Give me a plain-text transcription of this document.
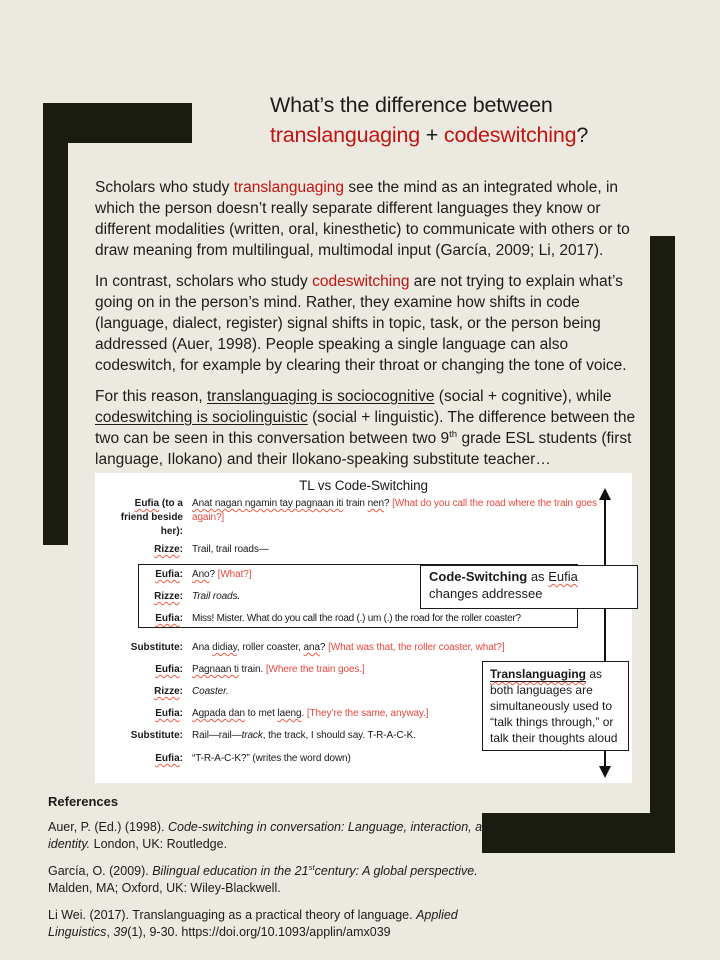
What’s the difference between
translanguaging + codeswitching?

Scholars who study translanguaging see the mind as an integrated whole, in which the person doesn’t really separate different languages they know or different modalities (written, oral, kinesthetic) to communicate with others or to draw meaning from multilingual, multimodal input (García, 2009; Li, 2017).

In contrast, scholars who study codeswitching are not trying to explain what’s going on in the person’s mind. Rather, they examine how shifts in code (language, dialect, register) signal shifts in topic, task, or the person being addressed (Auer, 1998). People speaking a single language can also codeswitch, for example by clearing their throat or changing the tone of voice.

For this reason, translanguaging is sociocognitive (social + cognitive), while codeswitching is sociolinguistic (social + linguistic). The difference between the two can be seen in this conversation between two 9th grade ESL students (first language, Ilokano) and their Ilokano-speaking substitute teacher…

TL vs Code-Switching
Eufia (to a
friend beside
her):
Anat nagan ngamin tay pagnaan iti train nen? [What do you call the road where the train goes again?]
Rizze: Trail, trail roads—
Eufia: Ano? [What?]
Rizze: Trail roads.
Eufia: Miss! Mister. What do you call the road (.) um (.) the road for the roller coaster?
Substitute: Ana didiay, roller coaster, ana? [What was that, the roller coaster, what?]
Eufia: Pagnaan ti train. [Where the train goes.]
Rizze: Coaster.
Eufia: Agpada dan to met laeng. [They’re the same, anyway.]
Substitute: Rail—rail—track, the track, I should say. T-R-A-C-K.
Eufia: “T-R-A-C-K?” (writes the word down)
Code-Switching as Eufia changes addressee
Translanguaging as both languages are simultaneously used to “talk things through,” or talk their thoughts aloud
References

Auer, P. (Ed.) (1998). Code-switching in conversation: Language, interaction, and identity. London, UK: Routledge.

García, O. (2009). Bilingual education in the 21stcentury: A global perspective. Malden, MA; Oxford, UK: Wiley-Blackwell.

Li Wei. (2017). Translanguaging as a practical theory of language. Applied Linguistics, 39(1), 9-30. https://doi.org/10.1093/applin/amx039
